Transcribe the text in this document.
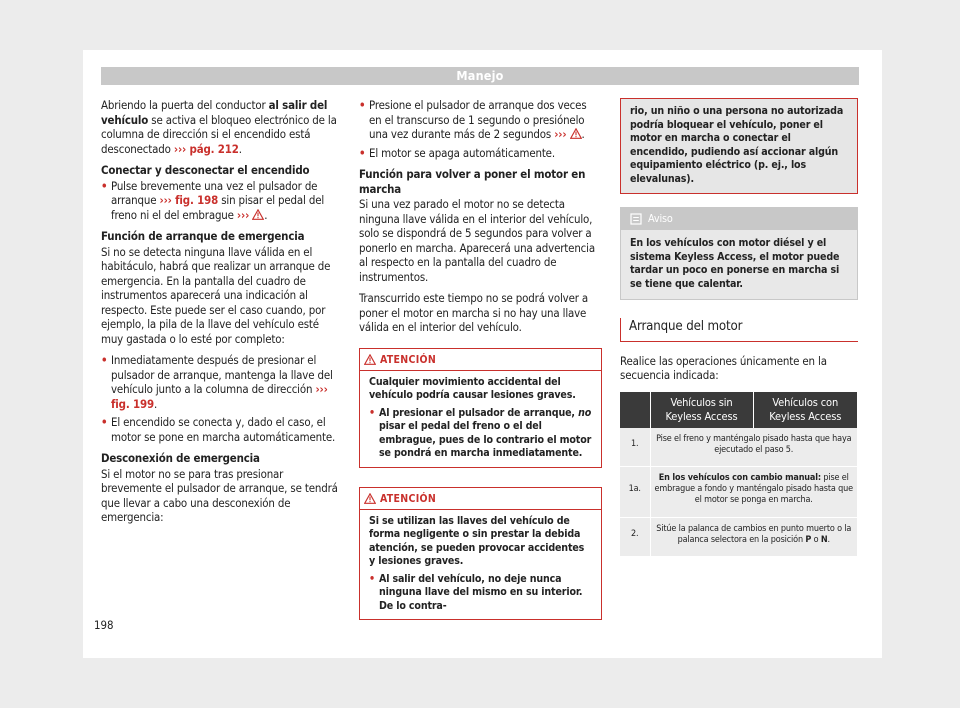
Manejo

Abriendo la puerta del conductor al salir del vehículo se activa el bloqueo electrónico de la columna de dirección si el encendido está desconectado ››› pág. 212.

Conectar y desconectar el encendido
• Pulse brevemente una vez el pulsador de arranque ››› fig. 198 sin pisar el pedal del freno ni el del embrague ››› .
Función de arranque de emergencia

Si no se detecta ninguna llave válida en el habitáculo, habrá que realizar un arranque de emergencia. En la pantalla del cuadro de instrumentos aparecerá una indicación al respecto. Este puede ser el caso cuando, por ejemplo, la pila de la llave del vehículo esté muy gastada o lo esté por completo:

• Inmediatamente después de presionar el pulsador de arranque, mantenga la llave del vehículo junto a la columna de dirección ››› fig. 199.
• El encendido se conecta y, dado el caso, el motor se pone en marcha automáticamente.
Desconexión de emergencia

Si el motor no se para tras presionar brevemente el pulsador de arranque, se tendrá que llevar a cabo una desconexión de emergencia:

• Presione el pulsador de arranque dos veces en el transcurso de 1 segundo o presiónelo una vez durante más de 2 segundos ››› .
• El motor se apaga automáticamente.
Función para volver a poner el motor en marcha

Si una vez parado el motor no se detecta ninguna llave válida en el interior del vehículo, solo se dispondrá de 5 segundos para volver a ponerlo en marcha. Aparecerá una advertencia al respecto en la pantalla del cuadro de instrumentos.

Transcurrido este tiempo no se podrá volver a poner el motor en marcha si no hay una llave válida en el interior del vehículo.

ATENCIÓN
Cualquier movimiento accidental del vehículo podría causar lesiones graves.
• Al presionar el pulsador de arranque, no pisar el pedal del freno o el del embrague, pues de lo contrario el motor se pondrá en marcha inmediatamente.
ATENCIÓN
Si se utilizan las llaves del vehículo de forma negligente o sin prestar la debida atención, se pueden provocar accidentes y lesiones graves.
• Al salir del vehículo, no deje nunca ninguna llave del mismo en su interior. De lo contra-
rio, un niño o una persona no autorizada podría bloquear el vehículo, poner el motor en marcha o conectar el encendido, pudiendo así accionar algún equipamiento eléctrico (p. ej., los elevalunas).
Aviso
En los vehículos con motor diésel y el sistema Keyless Access, el motor puede tardar un poco en ponerse en marcha si se tiene que calentar.
Arranque del motor

Realice las operaciones únicamente en la secuencia indicada:

	Vehículos sin Keyless Access	Vehículos con Keyless Access
1.	Pise el freno y manténgalo pisado hasta que haya ejecutado el paso 5.	
1a.	En los vehículos con cambio manual: pise el embrague a fondo y manténgalo pisado hasta que el motor se ponga en marcha.	
2.	Sitúe la palanca de cambios en punto muerto o la palanca selectora en la posición P o N.	
198
